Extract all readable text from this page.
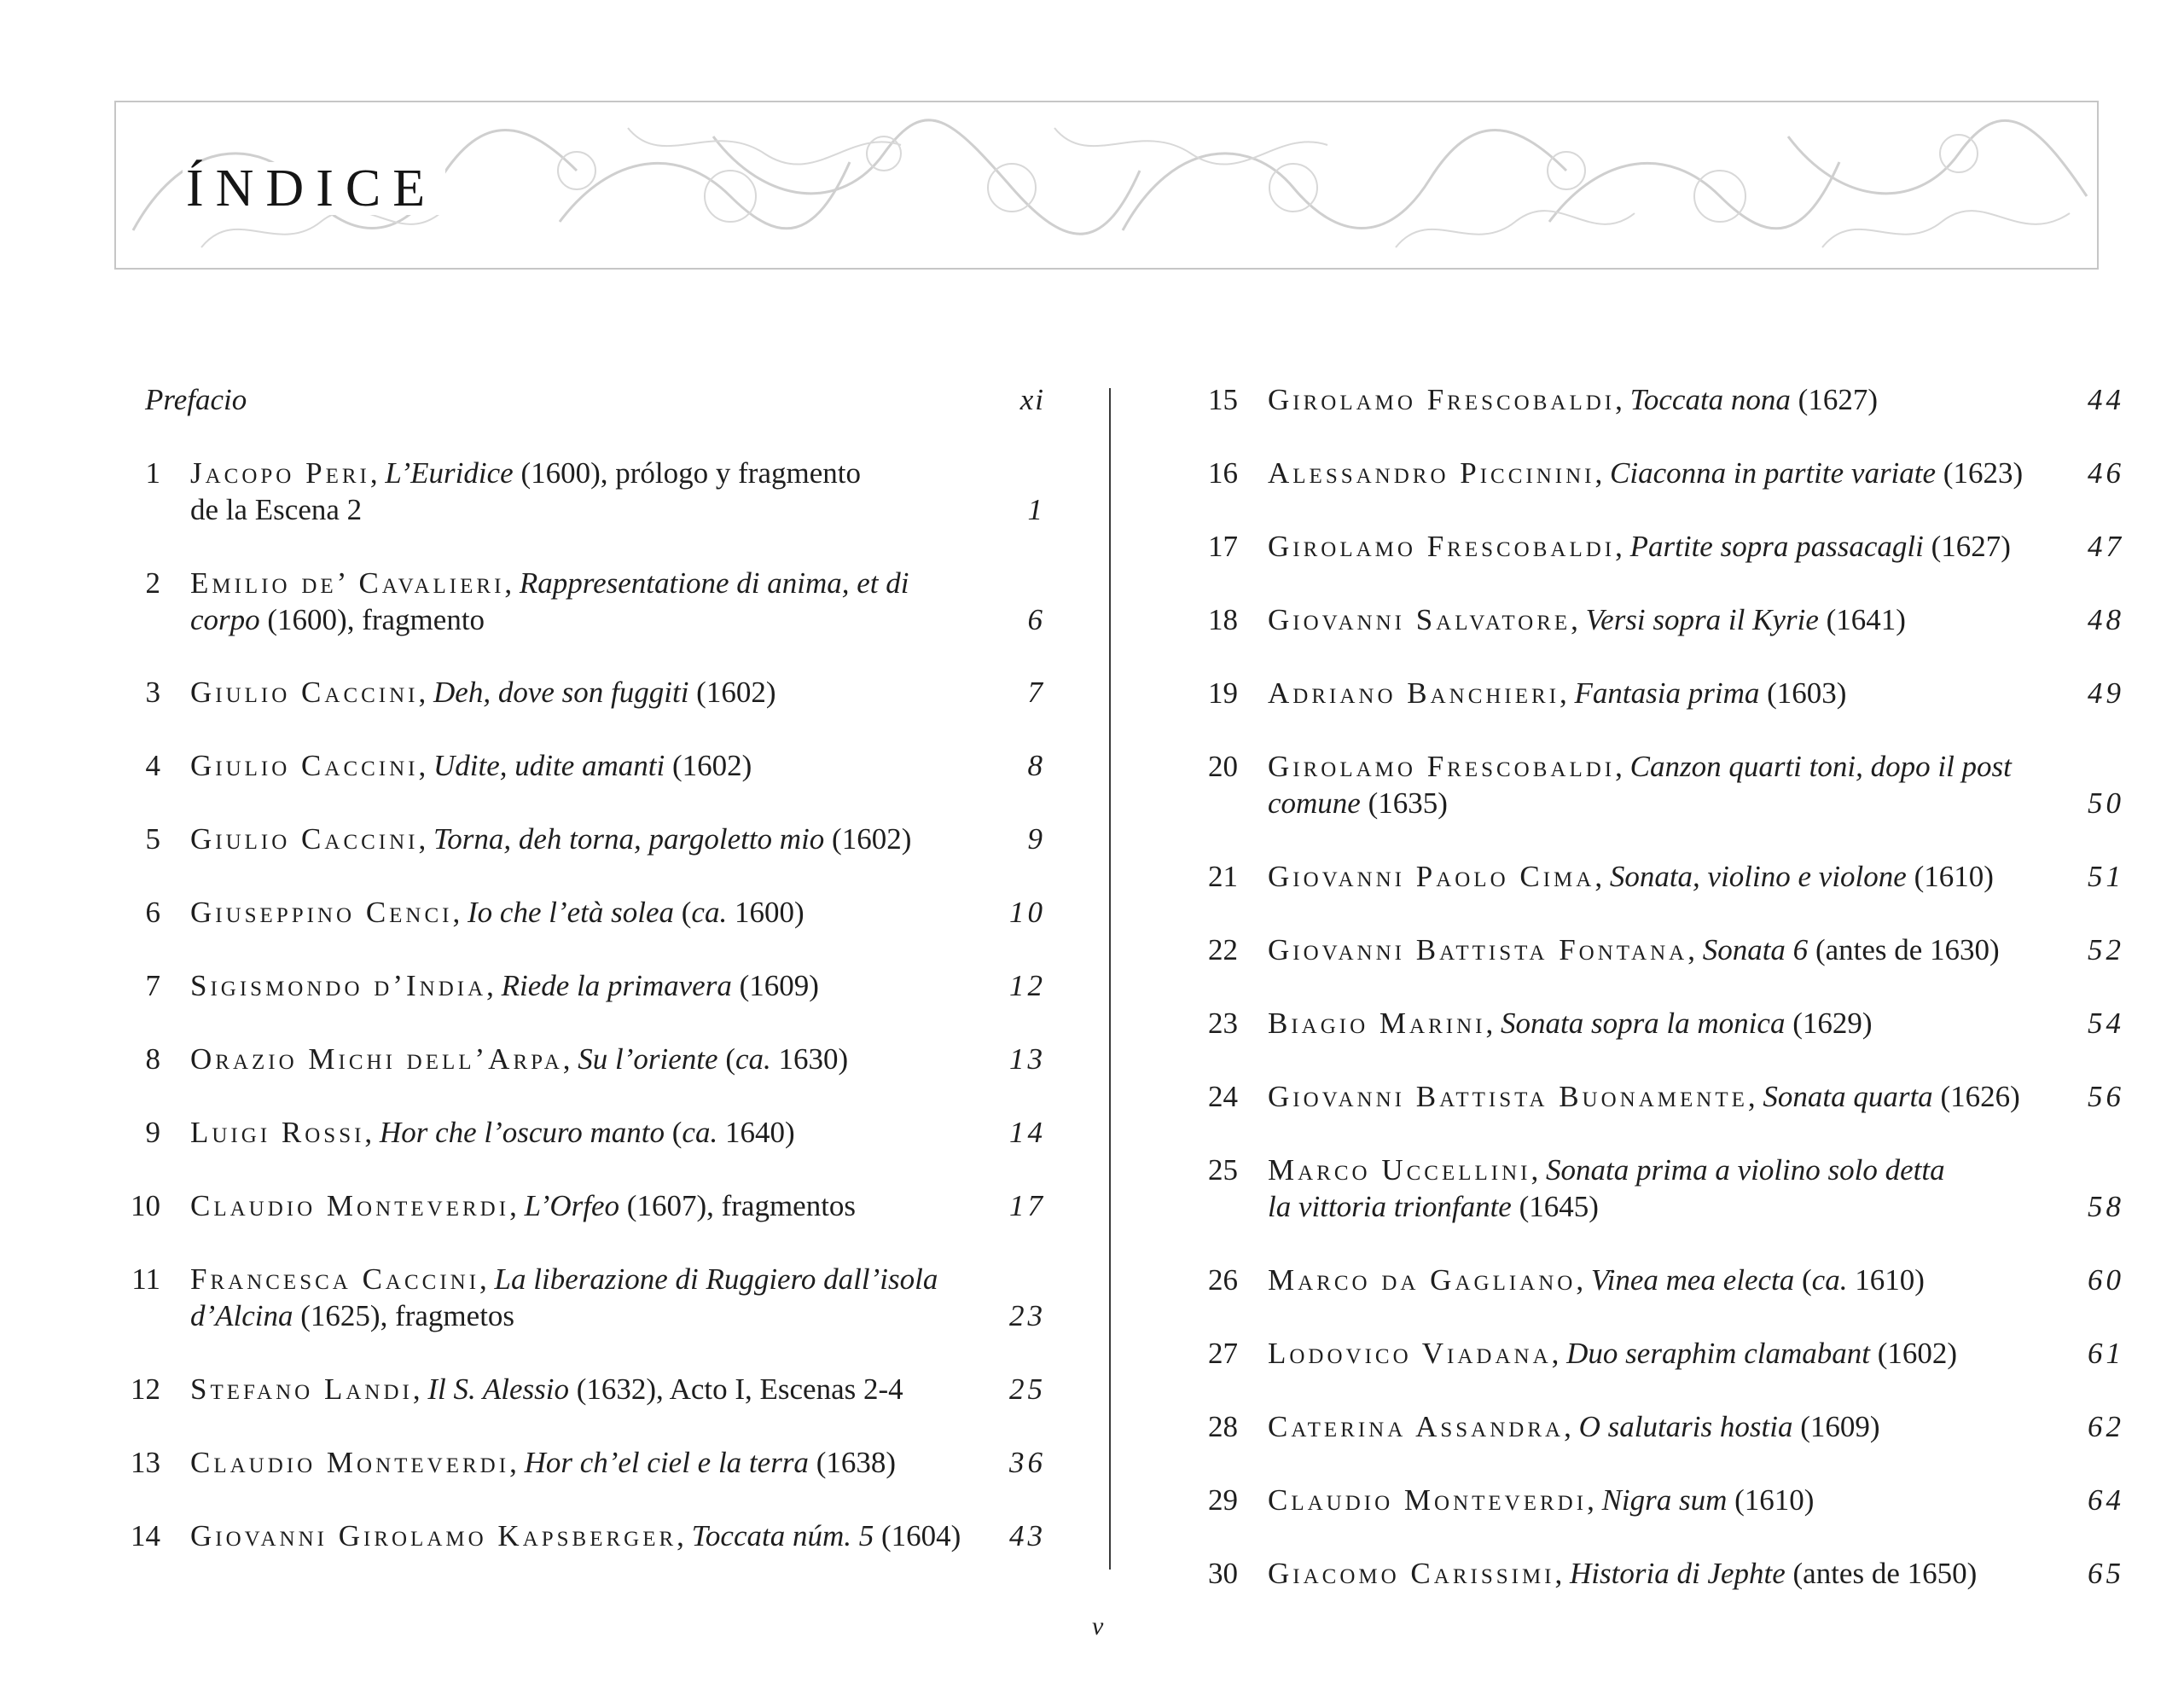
ÍNDICE
Prefacio	xi
1 Jacopo Peri, L’Euridice (1600), prólogo y fragmento
de la Escena 2	1
2 Emilio de’ Cavalieri, Rappresentatione di anima, et di
corpo (1600), fragmento	6
3 Giulio Caccini, Deh, dove son fuggiti (1602)	7
4 Giulio Caccini, Udite, udite amanti (1602)	8
5 Giulio Caccini, Torna, deh torna, pargoletto mio (1602)	9
6 Giuseppino Cenci, Io che l’età solea (ca. 1600)	10
7 Sigismondo d’India, Riede la primavera (1609)	12
8 Orazio Michi dell’Arpa, Su l’oriente (ca. 1630)	13
9 Luigi Rossi, Hor che l’oscuro manto (ca. 1640)	14
10 Claudio Monteverdi, L’Orfeo (1607), fragmentos	17
11 Francesca Caccini, La liberazione di Ruggiero dall’isola
d’Alcina (1625), fragmetos	23
12 Stefano Landi, Il S. Alessio (1632), Acto I, Escenas 2-4	25
13 Claudio Monteverdi, Hor ch’el ciel e la terra (1638)	36
14 Giovanni Girolamo Kapsberger, Toccata núm. 5 (1604)	43
15 Girolamo Frescobaldi, Toccata nona (1627)	44
16 Alessandro Piccinini, Ciaconna in partite variate (1623)	46
17 Girolamo Frescobaldi, Partite sopra passacagli (1627)	47
18 Giovanni Salvatore, Versi sopra il Kyrie (1641)	48
19 Adriano Banchieri, Fantasia prima (1603)	49
20 Girolamo Frescobaldi, Canzon quarti toni, dopo il post
comune (1635)	50
21 Giovanni Paolo Cima, Sonata, violino e violone (1610)	51
22 Giovanni Battista Fontana, Sonata 6 (antes de 1630)	52
23 Biagio Marini, Sonata sopra la monica (1629)	54
24 Giovanni Battista Buonamente, Sonata quarta (1626)	56
25 Marco Uccellini, Sonata prima a violino solo detta
la vittoria trionfante (1645)	58
26 Marco da Gagliano, Vinea mea electa (ca. 1610)	60
27 Lodovico Viadana, Duo seraphim clamabant (1602)	61
28 Caterina Assandra, O salutaris hostia (1609)	62
29 Claudio Monteverdi, Nigra sum (1610)	64
30 Giacomo Carissimi, Historia di Jephte (antes de 1650)	65
v
